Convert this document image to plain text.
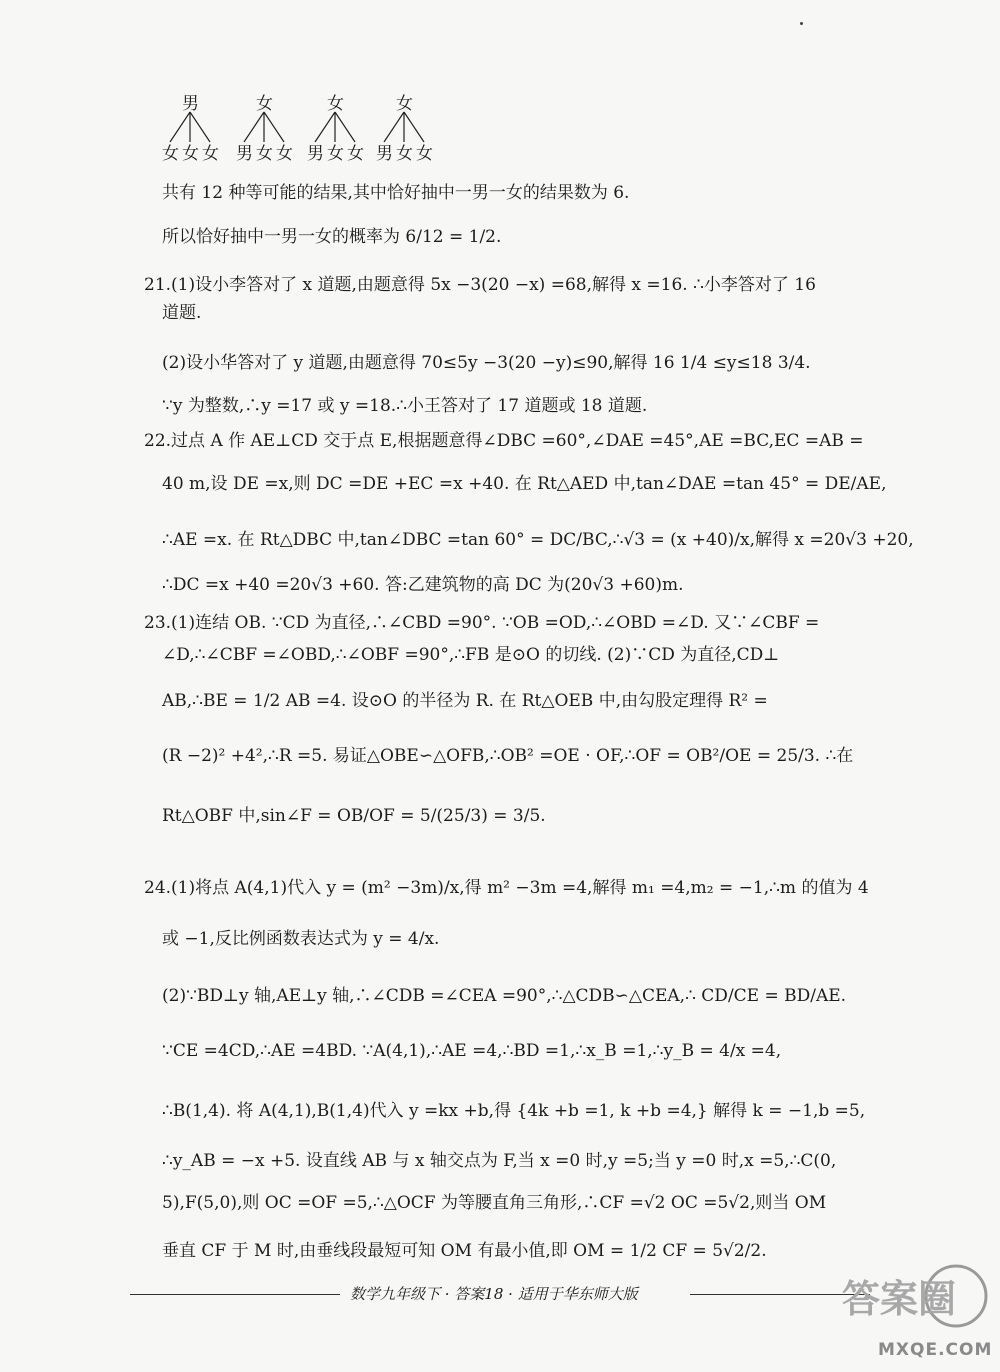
男	女	女	女
女 女 女 男 女 女 男 女 女 男 女 女
共有 12 种等可能的结果,其中恰好抽中一男一女的结果数为 6.
所以恰好抽中一男一女的概率为 6/12 = 1/2.
21.(1)设小李答对了 x 道题,由题意得 5x −3(20 −x) =68,解得 x =16. ∴小李答对了 16
道题.
(2)设小华答对了 y 道题,由题意得 70≤5y −3(20 −y)≤90,解得 16 1/4 ≤y≤18 3/4.
∵y 为整数,∴y =17 或 y =18.∴小王答对了 17 道题或 18 道题.
22.过点 A 作 AE⊥CD 交于点 E,根据题意得∠DBC =60°,∠DAE =45°,AE =BC,EC =AB =
40 m,设 DE =x,则 DC =DE +EC =x +40. 在 Rt△AED 中,tan∠DAE =tan 45° = DE/AE,
∴AE =x. 在 Rt△DBC 中,tan∠DBC =tan 60° = DC/BC,∴√3 = (x +40)/x,解得 x =20√3 +20,
∴DC =x +40 =20√3 +60. 答:乙建筑物的高 DC 为(20√3 +60)m.
23.(1)连结 OB. ∵CD 为直径,∴∠CBD =90°. ∵OB =OD,∴∠OBD =∠D. 又∵∠CBF =
∠D,∴∠CBF =∠OBD,∴∠OBF =90°,∴FB 是⊙O 的切线. (2)∵CD 为直径,CD⊥
AB,∴BE = 1/2 AB =4. 设⊙O 的半径为 R. 在 Rt△OEB 中,由勾股定理得 R² =
(R −2)² +4²,∴R =5. 易证△OBE∽△OFB,∴OB² =OE · OF,∴OF = OB²/OE = 25/3. ∴在
Rt△OBF 中,sin∠F = OB/OF = 5/(25/3) = 3/5.
24.(1)将点 A(4,1)代入 y = (m² −3m)/x,得 m² −3m =4,解得 m₁ =4,m₂ = −1,∴m 的值为 4
或 −1,反比例函数表达式为 y = 4/x.
(2)∵BD⊥y 轴,AE⊥y 轴,∴∠CDB =∠CEA =90°,∴△CDB∽△CEA,∴ CD/CE = BD/AE.
∵CE =4CD,∴AE =4BD. ∵A(4,1),∴AE =4,∴BD =1,∴x_B =1,∴y_B = 4/x =4,
∴B(1,4). 将 A(4,1),B(1,4)代入 y =kx +b,得 {4k +b =1, k +b =4,} 解得 k = −1,b =5,
∴y_AB = −x +5. 设直线 AB 与 x 轴交点为 F,当 x =0 时,y =5;当 y =0 时,x =5,∴C(0,
5),F(5,0),则 OC =OF =5,∴△OCF 为等腰直角三角形,∴CF =√2 OC =5√2,则当 OM
垂直 CF 于 M 时,由垂线段最短可知 OM 有最小值,即 OM = 1/2 CF = 5√2/2.
数学九年级下 · 答案18 · 适用于华东师大版	答案圈
MXQE.COM
